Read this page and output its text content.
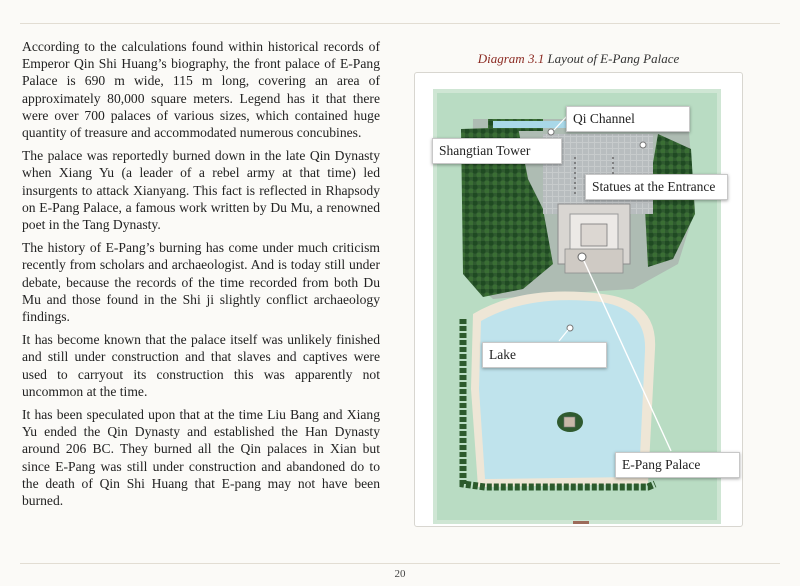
According to the calculations found within historical records of Emperor Qin Shi Huang’s biography, the front palace of E-Pang Palace is 690 m wide, 115 m long, covering an area of approximately 80,000 square meters. Legend has it that there were over 700 palaces of various sizes, which contained huge quantity of treasure and accommodated numerous concubines.

The palace was reportedly burned down in the late Qin Dynasty when Xiang Yu (a leader of a rebel army at that time) led insurgents to attack Xianyang. This fact is reflected in Rhapsody on E-Pang Palace, a famous work written by Du Mu, a renowned poet in the Tang Dynasty.

The history of E-Pang’s burning has come under much criticism recently from scholars and archaeologist. And is today still under debate, because the records of the time recorded from both Du Mu and those found in the Shi ji slightly conflict archaeology findings.

It has become known that the palace itself was unlikely finished and still under construction and that slaves and captives were used to carryout its construction this was apparently not uncommon at the time.

It has been speculated upon that at the time Liu Bang and Xiang Yu ended the Qin Dynasty and established the Han Dynasty around 206 BC. They burned all the Qin palaces in Xian but since E-Pang was still under construction and abandoned do to the death of Qin Shi Huang that E-pang may not have been burned.

Diagram 3.1 Layout of E-Pang Palace
Qi Channel
Shangtian Tower
Statues at the Entrance
Lake
E-Pang Palace
20
